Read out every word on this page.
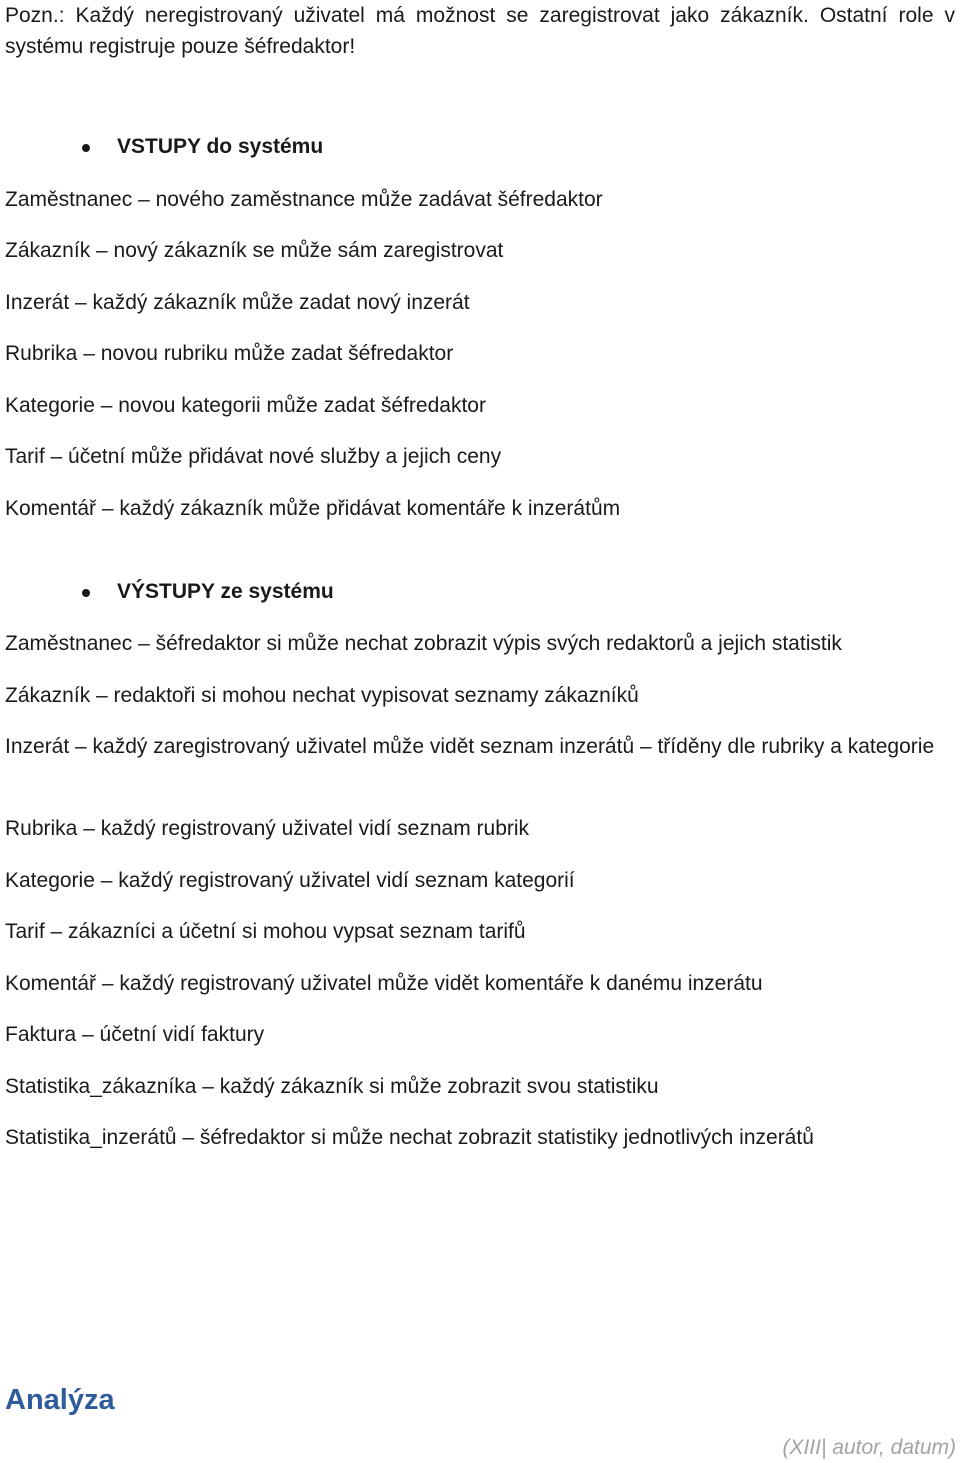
Pozn.: Každý neregistrovaný uživatel má možnost se zaregistrovat jako zákazník. Ostatní role v systému registruje pouze šéfredaktor!
VSTUPY do systému
Zaměstnanec – nového zaměstnance může zadávat šéfredaktor
Zákazník – nový zákazník se může sám zaregistrovat
Inzerát – každý zákazník může zadat nový inzerát
Rubrika – novou rubriku může zadat šéfredaktor
Kategorie – novou kategorii může zadat šéfredaktor
Tarif – účetní může přidávat nové služby a jejich ceny
Komentář – každý zákazník může přidávat komentáře k inzerátům
VÝSTUPY ze systému
Zaměstnanec – šéfredaktor si může nechat zobrazit výpis svých redaktorů a jejich statistik
Zákazník – redaktoři si mohou nechat vypisovat seznamy zákazníků
Inzerát – každý zaregistrovaný uživatel může vidět seznam inzerátů – tříděny dle rubriky a kategorie
Rubrika – každý registrovaný uživatel vidí seznam rubrik
Kategorie – každý registrovaný uživatel vidí seznam kategorií
Tarif – zákazníci a účetní si mohou vypsat seznam tarifů
Komentář – každý registrovaný uživatel může vidět komentáře k danému inzerátu
Faktura – účetní vidí faktury
Statistika_zákazníka – každý zákazník si může zobrazit svou statistiku
Statistika_inzerátů – šéfredaktor si může nechat zobrazit statistiky jednotlivých inzerátů
Analýza
(XIII| autor, datum)
